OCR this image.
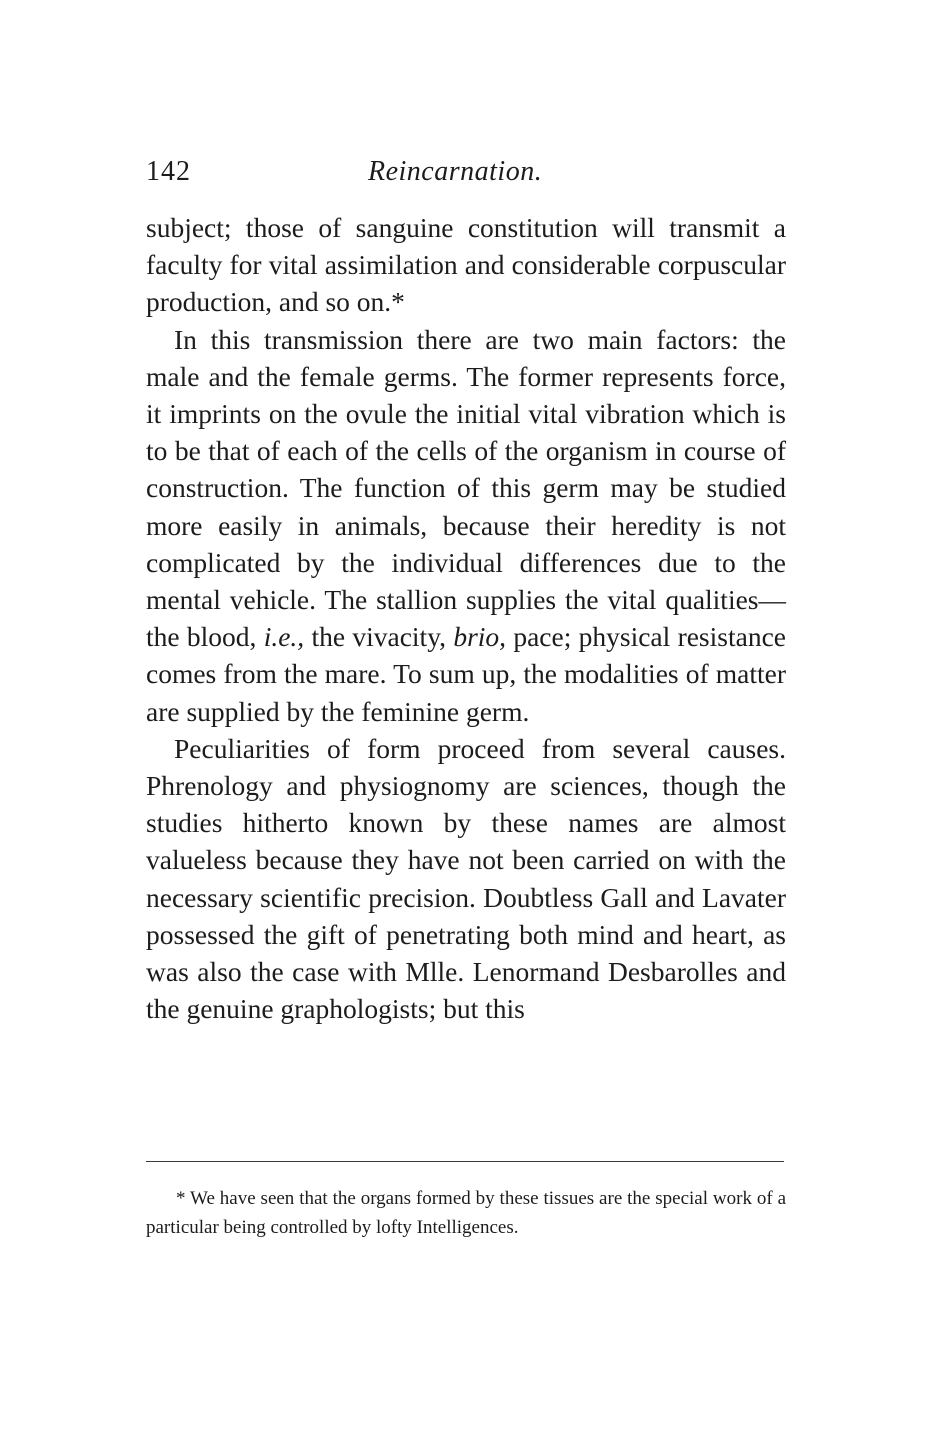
142	Reincarnation.

subject; those of sanguine constitution will transmit a faculty for vital assimilation and considerable corpuscular production, and so on.*

In this transmission there are two main factors: the male and the female germs. The former represents force, it imprints on the ovule the initial vital vibration which is to be that of each of the cells of the organism in course of construction. The function of this germ may be studied more easily in animals, because their heredity is not complicated by the individual differences due to the mental vehicle. The stallion supplies the vital qualities—the blood, i.e., the vivacity, brio, pace; physical resistance comes from the mare. To sum up, the modalities of matter are supplied by the feminine germ.

Peculiarities of form proceed from several causes. Phrenology and physiognomy are sciences, though the studies hitherto known by these names are almost valueless because they have not been carried on with the necessary scientific precision. Doubtless Gall and Lavater possessed the gift of penetrating both mind and heart, as was also the case with Mlle. Lenormand Desbarolles and the genuine graphologists; but this

* We have seen that the organs formed by these tissues are the special work of a particular being controlled by lofty Intelligences.
